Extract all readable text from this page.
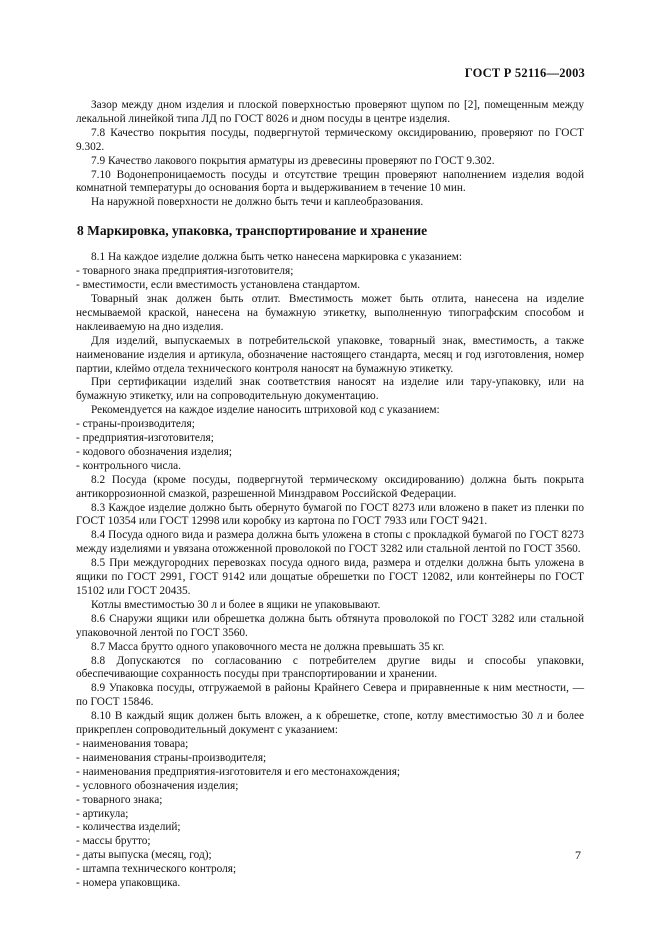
ГОСТ Р 52116—2003
Зазор между дном изделия и плоской поверхностью проверяют щупом по [2], помещенным между лекальной линейкой типа ЛД по ГОСТ 8026 и дном посуды в центре изделия.
7.8 Качество покрытия посуды, подвергнутой термическому оксидированию, проверяют по ГОСТ 9.302.
7.9 Качество лакового покрытия арматуры из древесины проверяют по ГОСТ 9.302.
7.10 Водонепроницаемость посуды и отсутствие трещин проверяют наполнением изделия водой комнатной температуры до основания борта и выдерживанием в течение 10 мин.
На наружной поверхности не должно быть течи и каплеобразования.
8 Маркировка, упаковка, транспортирование и хранение
8.1 На каждое изделие должна быть четко нанесена маркировка с указанием:
- товарного знака предприятия-изготовителя;
- вместимости, если вместимость установлена стандартом.
Товарный знак должен быть отлит. Вместимость может быть отлита, нанесена на изделие несмываемой краской, нанесена на бумажную этикетку, выполненную типографским способом и наклеиваемую на дно изделия.
Для изделий, выпускаемых в потребительской упаковке, товарный знак, вместимость, а также наименование изделия и артикула, обозначение настоящего стандарта, месяц и год изготовления, номер партии, клеймо отдела технического контроля наносят на бумажную этикетку.
При сертификации изделий знак соответствия наносят на изделие или тару-упаковку, или на бумажную этикетку, или на сопроводительную документацию.
Рекомендуется на каждое изделие наносить штриховой код с указанием:
- страны-производителя;
- предприятия-изготовителя;
- кодового обозначения изделия;
- контрольного числа.
8.2 Посуда (кроме посуды, подвергнутой термическому оксидированию) должна быть покрыта антикоррозионной смазкой, разрешенной Минздравом Российской Федерации.
8.3 Каждое изделие должно быть обернуто бумагой по ГОСТ 8273 или вложено в пакет из пленки по ГОСТ 10354 или ГОСТ 12998 или коробку из картона по ГОСТ 7933 или ГОСТ 9421.
8.4 Посуда одного вида и размера должна быть уложена в стопы с прокладкой бумагой по ГОСТ 8273 между изделиями и увязана отожженной проволокой по ГОСТ 3282 или стальной лентой по ГОСТ 3560.
8.5 При междугородних перевозках посуда одного вида, размера и отделки должна быть уложена в ящики по ГОСТ 2991, ГОСТ 9142 или дощатые обрешетки по ГОСТ 12082, или контейнеры по ГОСТ 15102 или ГОСТ 20435.
Котлы вместимостью 30 л и более в ящики не упаковывают.
8.6 Снаружи ящики или обрешетка должна быть обтянута проволокой по ГОСТ 3282 или стальной упаковочной лентой по ГОСТ 3560.
8.7 Масса брутто одного упаковочного места не должна превышать 35 кг.
8.8 Допускаются по согласованию с потребителем другие виды и способы упаковки, обеспечивающие сохранность посуды при транспортировании и хранении.
8.9 Упаковка посуды, отгружаемой в районы Крайнего Севера и приравненные к ним местности, — по ГОСТ 15846.
8.10 В каждый ящик должен быть вложен, а к обрешетке, стопе, котлу вместимостью 30 л и более прикреплен сопроводительный документ с указанием:
- наименования товара;
- наименования страны-производителя;
- наименования предприятия-изготовителя и его местонахождения;
- условного обозначения изделия;
- товарного знака;
- артикула;
- количества изделий;
- массы брутто;
- даты выпуска (месяц, год);
- штампа технического контроля;
- номера упаковщика.
7
